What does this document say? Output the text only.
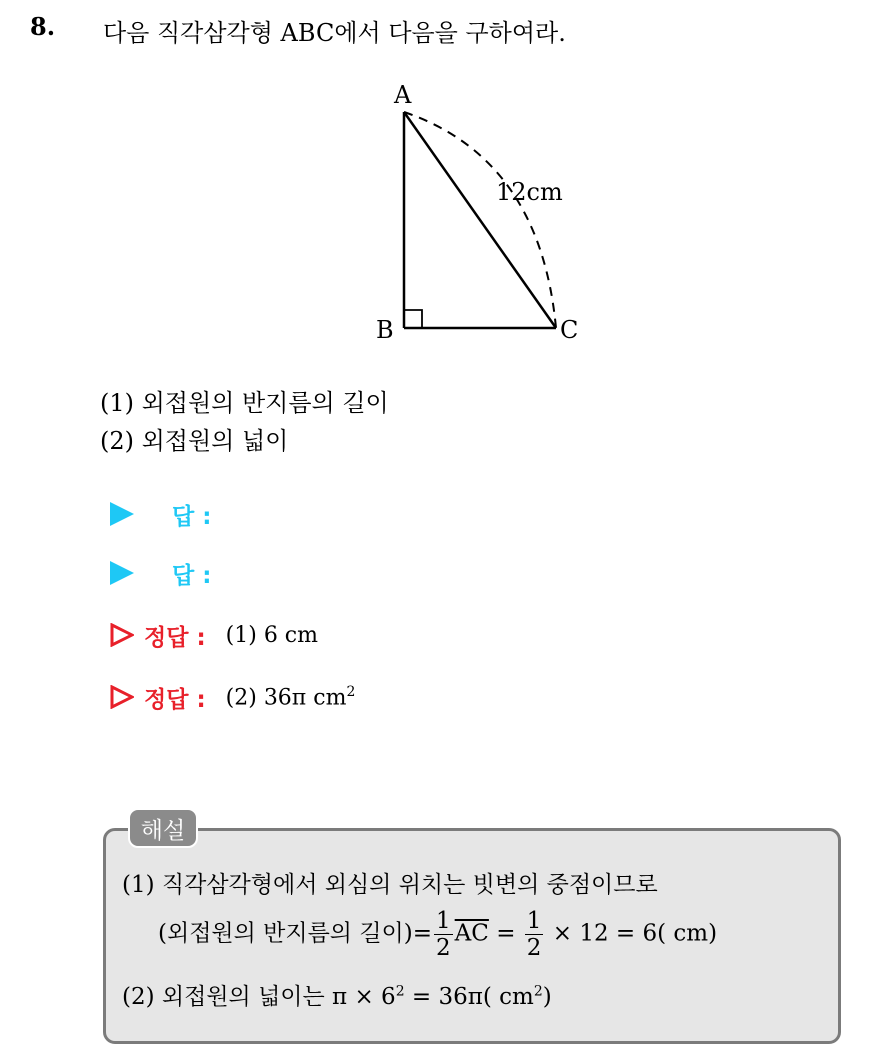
8. 다음 직각삼각형 ABC에서 다음을 구하여라.
A
B	C
12cm
(1) 외접원의 반지름의 길이
(2) 외접원의 넓이
답 :
답 :
정답 : (1) 6 cm
정답 : (2) 36π $cm^2$
해설
(1) 직각삼각형에서 외심의 위치는 빗변의 중점이므로
(외접원의 반지름의 길이)= $\frac{1}{2} \overline{AC} = \frac{1}{2} \times 12 = 6$( cm)
(2) 외접원의 넓이는 $\pi \times 6^2 = 36\pi$( $cm^2$)
